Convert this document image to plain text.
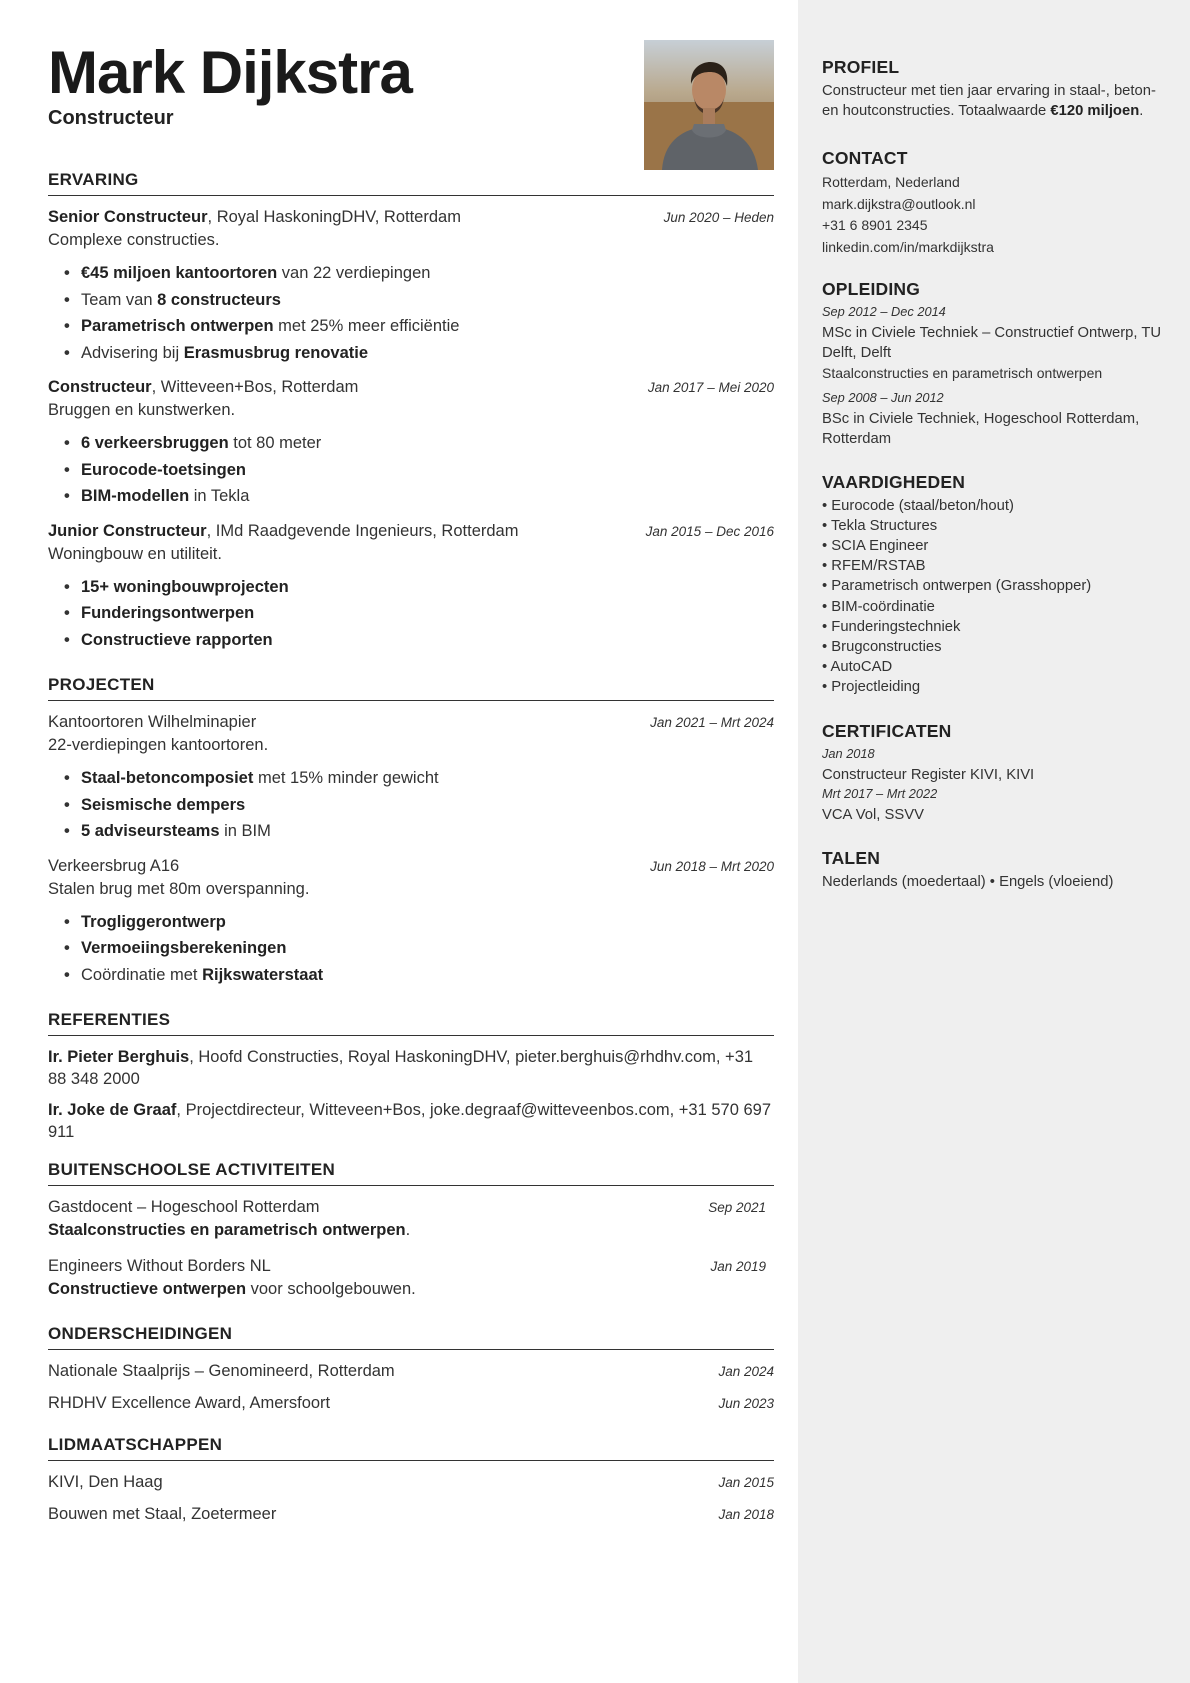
Mark Dijkstra
Constructeur
ERVARING
Senior Constructeur, Royal HaskoningDHV, Rotterdam	Jun 2020 – Heden
Complexe constructies.
• €45 miljoen kantoortoren van 22 verdiepingen
• Team van 8 constructeurs
• Parametrisch ontwerpen met 25% meer efficiëntie
• Advisering bij Erasmusbrug renovatie
Constructeur, Witteveen+Bos, Rotterdam	Jan 2017 – Mei 2020
Bruggen en kunstwerken.
• 6 verkeersbruggen tot 80 meter
• Eurocode-toetsingen
• BIM-modellen in Tekla
Junior Constructeur, IMd Raadgevende Ingenieurs, Rotterdam	Jan 2015 – Dec 2016
Woningbouw en utiliteit.
• 15+ woningbouwprojecten
• Funderingsontwerpen
• Constructieve rapporten
PROJECTEN
Kantoortoren Wilhelminapier	Jan 2021 – Mrt 2024
22-verdiepingen kantoortoren.
• Staal-betoncomposiet met 15% minder gewicht
• Seismische dempers
• 5 adviseursteams in BIM
Verkeersbrug A16	Jun 2018 – Mrt 2020
Stalen brug met 80m overspanning.
• Trogliggerontwerp
• Vermoeiingsberekeningen
• Coördinatie met Rijkswaterstaat
REFERENTIES
Ir. Pieter Berghuis, Hoofd Constructies, Royal HaskoningDHV, pieter.berghuis@rhdhv.com, +31 88 348 2000
Ir. Joke de Graaf, Projectdirecteur, Witteveen+Bos, joke.degraaf@witteveenbos.com, +31 570 697 911
BUITENSCHOOLSE ACTIVITEITEN
Gastdocent – Hogeschool Rotterdam	Sep 2021
Staalconstructies en parametrisch ontwerpen.
Engineers Without Borders NL	Jan 2019
Constructieve ontwerpen voor schoolgebouwen.
ONDERSCHEIDINGEN
Nationale Staalprijs – Genomineerd, Rotterdam	Jan 2024
RHDHV Excellence Award, Amersfoort	Jun 2023
LIDMAATSCHAPPEN
KIVI, Den Haag	Jan 2015
Bouwen met Staal, Zoetermeer	Jan 2018
PROFIEL
Constructeur met tien jaar ervaring in staal-, beton- en houtconstructies. Totaalwaarde €120 miljoen.
CONTACT
Rotterdam, Nederland
mark.dijkstra@outlook.nl
+31 6 8901 2345
linkedin.com/in/markdijkstra
OPLEIDING
Sep 2012 – Dec 2014
MSc in Civiele Techniek – Constructief Ontwerp, TU Delft, Delft
Staalconstructies en parametrisch ontwerpen
Sep 2008 – Jun 2012
BSc in Civiele Techniek, Hogeschool Rotterdam, Rotterdam
VAARDIGHEDEN
• Eurocode (staal/beton/hout)
• Tekla Structures
• SCIA Engineer
• RFEM/RSTAB
• Parametrisch ontwerpen (Grasshopper)
• BIM-coördinatie
• Funderingstechniek
• Brugconstructies
• AutoCAD
• Projectleiding
CERTIFICATEN
Jan 2018
Constructeur Register KIVI, KIVI
Mrt 2017 – Mrt 2022
VCA Vol, SSVV
TALEN
Nederlands (moedertaal) • Engels (vloeiend)
